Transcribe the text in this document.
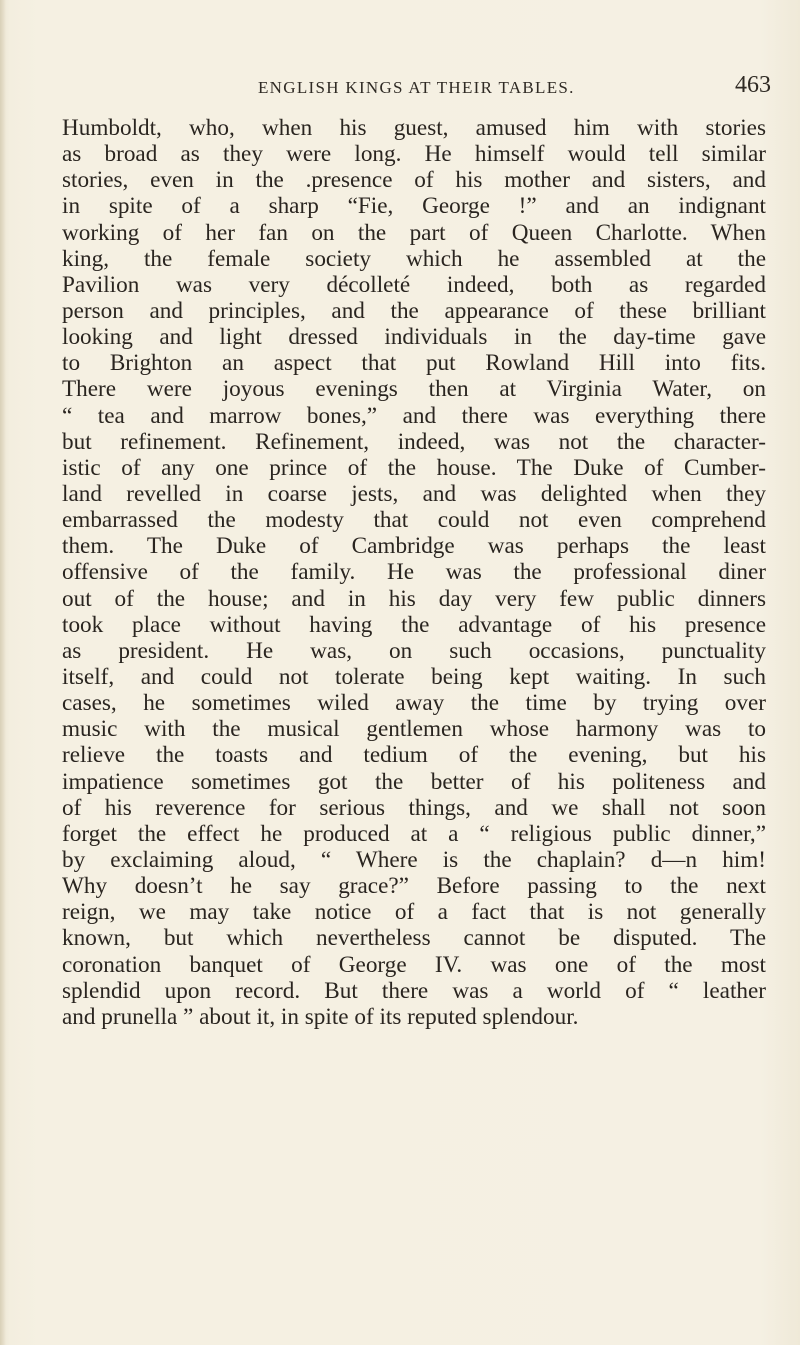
ENGLISH KINGS AT THEIR TABLES.	463
Humboldt, who, when his guest, amused him with stories
as broad as they were long. He himself would tell similar
stories, even in the .presence of his mother and sisters, and
in spite of a sharp “Fie, George !” and an indignant
working of her fan on the part of Queen Charlotte. When
king, the female society which he assembled at the
Pavilion was very décolleté indeed, both as regarded
person and principles, and the appearance of these brilliant
looking and light dressed individuals in the day-time gave
to Brighton an aspect that put Rowland Hill into fits.
There were joyous evenings then at Virginia Water, on
“ tea and marrow bones,” and there was everything there
but refinement. Refinement, indeed, was not the character-
istic of any one prince of the house. The Duke of Cumber-
land revelled in coarse jests, and was delighted when they
embarrassed the modesty that could not even comprehend
them. The Duke of Cambridge was perhaps the least
offensive of the family. He was the professional diner
out of the house; and in his day very few public dinners
took place without having the advantage of his presence
as president. He was, on such occasions, punctuality
itself, and could not tolerate being kept waiting. In such
cases, he sometimes wiled away the time by trying over
music with the musical gentlemen whose harmony was to
relieve the toasts and tedium of the evening, but his
impatience sometimes got the better of his politeness and
of his reverence for serious things, and we shall not soon
forget the effect he produced at a “ religious public dinner,”
by exclaiming aloud, “ Where is the chaplain? d—n him!
Why doesn’t he say grace?” Before passing to the next
reign, we may take notice of a fact that is not generally
known, but which nevertheless cannot be disputed. The
coronation banquet of George IV. was one of the most
splendid upon record. But there was a world of “ leather
and prunella ” about it, in spite of its reputed splendour.
